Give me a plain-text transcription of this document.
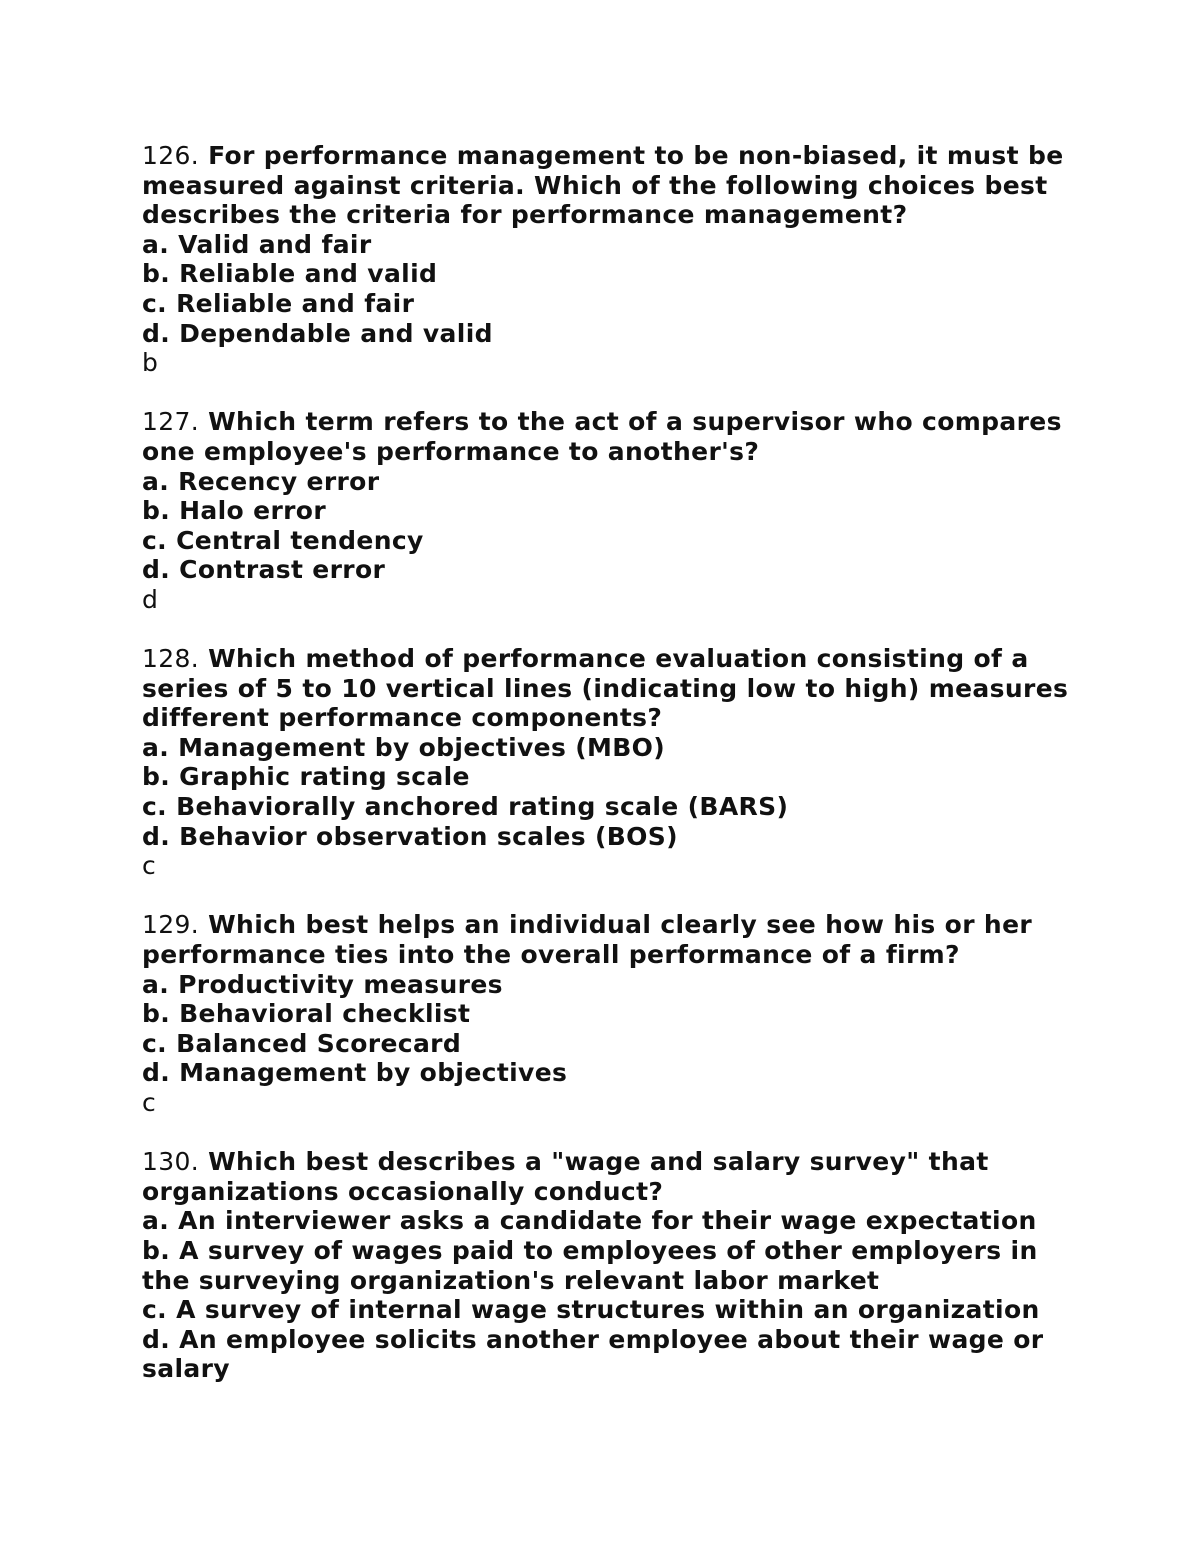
126. For performance management to be non-biased, it must be measured against criteria. Which of the following choices best describes the criteria for performance management?

a. Valid and fair

b. Reliable and valid

c. Reliable and fair

d. Dependable and valid

b

127. Which term refers to the act of a supervisor who compares one employee's performance to another's?

a. Recency error

b. Halo error

c. Central tendency

d. Contrast error

d

128. Which method of performance evaluation consisting of a series of 5 to 10 vertical lines (indicating low to high) measures different performance components?

a. Management by objectives (MBO)

b. Graphic rating scale

c. Behaviorally anchored rating scale (BARS)

d. Behavior observation scales (BOS)

c

129. Which best helps an individual clearly see how his or her performance ties into the overall performance of a firm?

a. Productivity measures

b. Behavioral checklist

c. Balanced Scorecard

d. Management by objectives

c

130. Which best describes a "wage and salary survey" that organizations occasionally conduct?

a. An interviewer asks a candidate for their wage expectation

b. A survey of wages paid to employees of other employers in the surveying organization's relevant labor market

c. A survey of internal wage structures within an organization

d. An employee solicits another employee about their wage or salary
